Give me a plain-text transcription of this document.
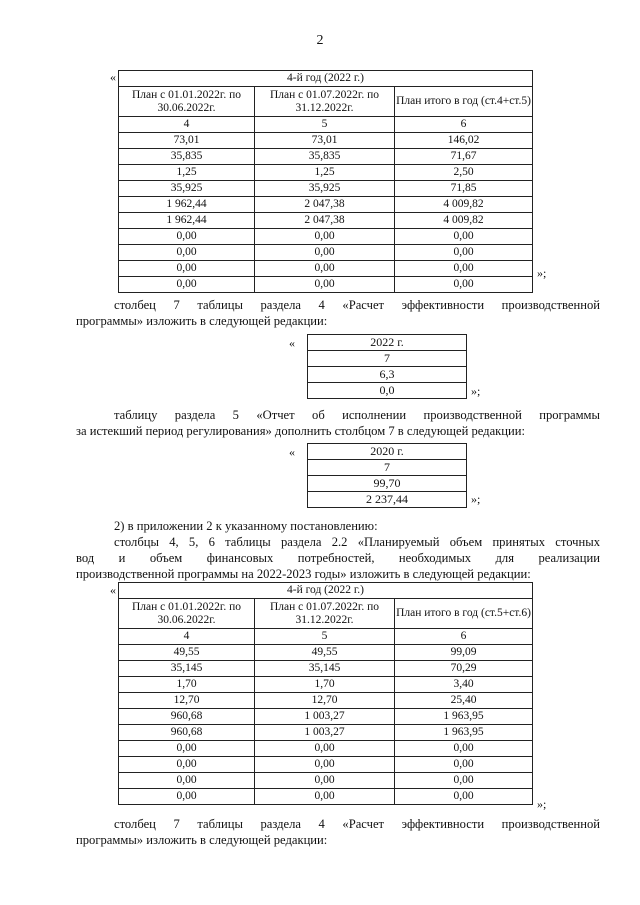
2
«	4-й год (2022 г.)		
План с 01.01.2022г. по 30.06.2022г.	План с 01.07.2022г. по 31.12.2022г.	План итого в год (ст.4+ст.5)
4	5	6
73,01	73,01	146,02
35,835	35,835	71,67
1,25	1,25	2,50
35,925	35,925	71,85
1 962,44	2 047,38	4 009,82
1 962,44	2 047,38	4 009,82
0,00	0,00	0,00
0,00	0,00	0,00
0,00	0,00	0,00
0,00	0,00	0,00
»;
столбец 7 таблицы раздела 4 «Расчет эффективности производственной
программы» изложить в следующей редакции:
«	2022 г.
7
6,3
0,0	»;
таблицу раздела 5 «Отчет об исполнении производственной программы
за истекший период регулирования» дополнить столбцом 7 в следующей редакции:
«	2020 г.
7
99,70
2 237,44	»;
2) в приложении 2 к указанному постановлению:
столбцы 4, 5, 6 таблицы раздела 2.2 «Планируемый объем принятых сточных
вод и объем финансовых потребностей, необходимых для реализации
производственной программы на 2022-2023 годы» изложить в следующей редакции:
«	4-й год (2022 г.)		
План с 01.01.2022г. по 30.06.2022г.	План с 01.07.2022г. по 31.12.2022г.	План итого в год (ст.5+ст.6)
4	5	6
49,55	49,55	99,09
35,145	35,145	70,29
1,70	1,70	3,40
12,70	12,70	25,40
960,68	1 003,27	1 963,95
960,68	1 003,27	1 963,95
0,00	0,00	0,00
0,00	0,00	0,00
0,00	0,00	0,00
0,00	0,00	0,00
»;
столбец 7 таблицы раздела 4 «Расчет эффективности производственной
программы» изложить в следующей редакции:
